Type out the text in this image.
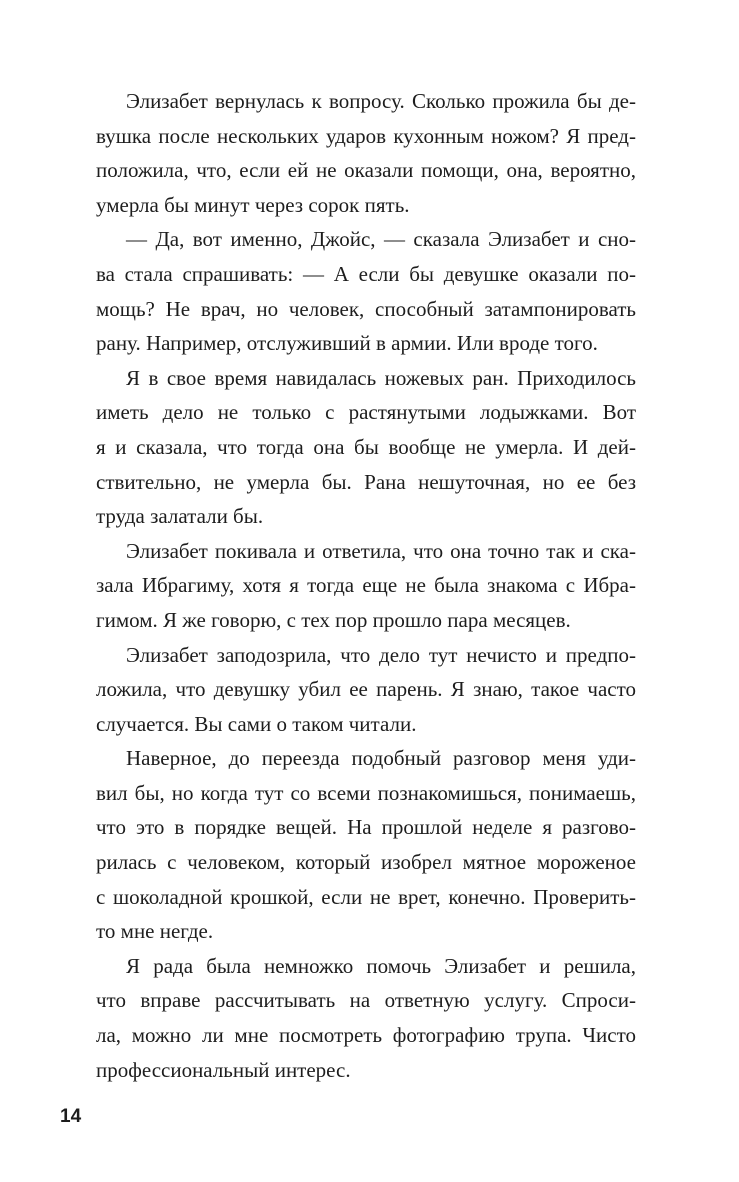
Элизабет вернулась к вопросу. Сколько прожила бы де-
вушка после нескольких ударов кухонным ножом? Я пред-
положила, что, если ей не оказали помощи, она, вероятно,
умерла бы минут через сорок пять.
— Да, вот именно, Джойс, — сказала Элизабет и сно-
ва стала спрашивать: — А если бы девушке оказали по-
мощь? Не врач, но человек, способный затампонировать
рану. Например, отслуживший в армии. Или вроде того.
Я в свое время навидалась ножевых ран. Приходилось
иметь дело не только с растянутыми лодыжками. Вот
я и сказала, что тогда она бы вообще не умерла. И дей-
ствительно, не умерла бы. Рана нешуточная, но ее без
труда залатали бы.
Элизабет покивала и ответила, что она точно так и ска-
зала Ибрагиму, хотя я тогда еще не была знакома с Ибра-
гимом. Я же говорю, с тех пор прошло пара месяцев.
Элизабет заподозрила, что дело тут нечисто и предпо-
ложила, что девушку убил ее парень. Я знаю, такое часто
случается. Вы сами о таком читали.
Наверное, до переезда подобный разговор меня уди-
вил бы, но когда тут со всеми познакомишься, понимаешь,
что это в порядке вещей. На прошлой неделе я разгово-
рилась с человеком, который изобрел мятное мороженое
с шоколадной крошкой, если не врет, конечно. Проверить-
то мне негде.
Я рада была немножко помочь Элизабет и решила,
что вправе рассчитывать на ответную услугу. Спроси-
ла, можно ли мне посмотреть фотографию трупа. Чисто
профессиональный интерес.
14
